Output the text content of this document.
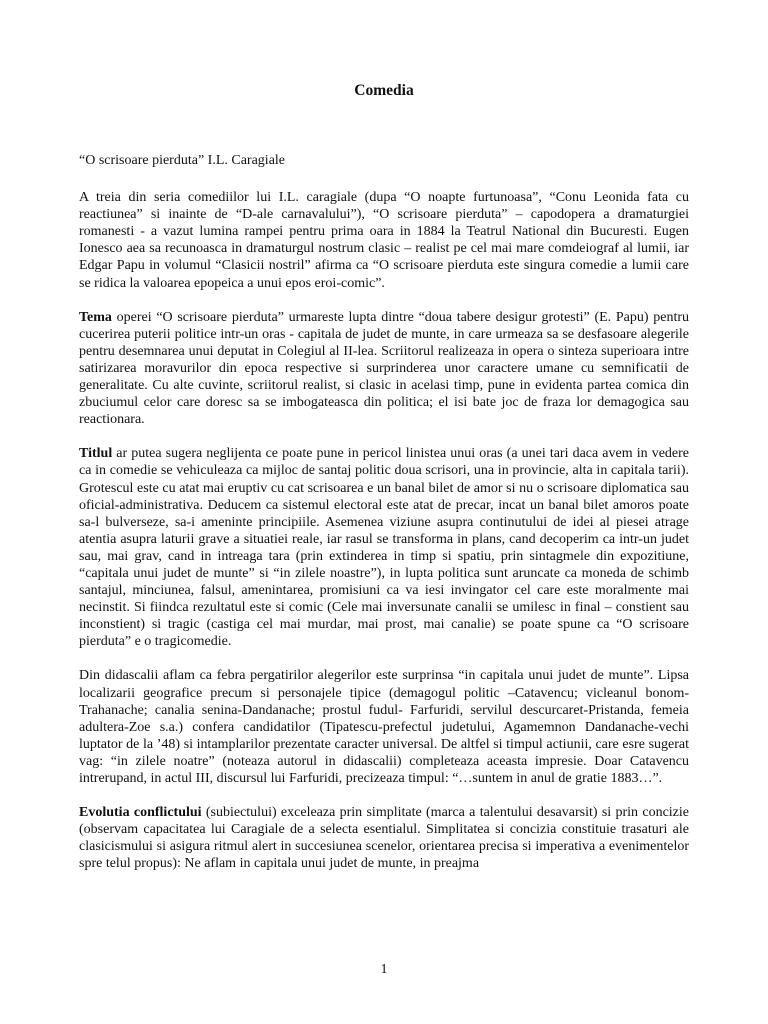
Comedia

“O scrisoare pierduta” I.L. Caragiale

A treia din seria comediilor lui I.L. caragiale (dupa “O noapte furtunoasa”, “Conu Leonida fata cu reactiunea” si inainte de “D-ale carnavalului”), “O scrisoare pierduta” – capodopera a dramaturgiei romanesti - a vazut lumina rampei pentru prima oara in 1884 la Teatrul National din Bucuresti. Eugen Ionesco aea sa recunoasca in dramaturgul nostrum clasic – realist pe cel mai mare comdeiograf al lumii, iar Edgar Papu in volumul “Clasicii nostril” afirma ca “O scrisoare pierduta este singura comedie a lumii care se ridica la valoarea epopeica a unui epos eroi-comic”.

Tema operei “O scrisoare pierduta” urmareste lupta dintre “doua tabere desigur grotesti” (E. Papu) pentru cucerirea puterii politice intr-un oras - capitala de judet de munte, in care urmeaza sa se desfasoare alegerile pentru desemnarea unui deputat in Colegiul al II-lea. Scriitorul realizeaza in opera o sinteza superioara intre satirizarea moravurilor din epoca respective si surprinderea unor caractere umane cu semnificatii de generalitate. Cu alte cuvinte, scriitorul realist, si clasic in acelasi timp, pune in evidenta partea comica din zbuciumul celor care doresc sa se imbogateasca din politica; el isi bate joc de fraza lor demagogica sau reactionara.

Titlul ar putea sugera neglijenta ce poate pune in pericol linistea unui oras (a unei tari daca avem in vedere ca in comedie se vehiculeaza ca mijloc de santaj politic doua scrisori, una in provincie, alta in capitala tarii). Grotescul este cu atat mai eruptiv cu cat scrisoarea e un banal bilet de amor si nu o scrisoare diplomatica sau oficial-administrativa. Deducem ca sistemul electoral este atat de precar, incat un banal bilet amoros poate sa-l bulverseze, sa-i ameninte principiile. Asemenea viziune asupra continutului de idei al piesei atrage atentia asupra laturii grave a situatiei reale, iar rasul se transforma in plans, cand decoperim ca intr-un judet sau, mai grav, cand in intreaga tara (prin extinderea in timp si spatiu, prin sintagmele din expozitiune, “capitala unui judet de munte” si “in zilele noastre”), in lupta politica sunt aruncate ca moneda de schimb santajul, minciunea, falsul, amenintarea, promisiuni ca va iesi invingator cel care este moralmente mai necinstit. Si fiindca rezultatul este si comic (Cele mai inversunate canalii se umilesc in final – constient sau inconstient) si tragic (castiga cel mai murdar, mai prost, mai canalie) se poate spune ca “O scrisoare pierduta” e o tragicomedie.

Din didascalii aflam ca febra pergatirilor alegerilor este surprinsa “in capitala unui judet de munte”. Lipsa localizarii geografice precum si personajele tipice (demagogul politic –Catavencu; vicleanul bonom-Trahanache; canalia senina-Dandanache; prostul fudul- Farfuridi, servilul descurcaret-Pristanda, femeia adultera-Zoe s.a.) confera candidatilor (Tipatescu-prefectul judetului, Agamemnon Dandanache-vechi luptator de la ’48) si intamplarilor prezentate caracter universal. De altfel si timpul actiunii, care esre sugerat vag: “in zilele noatre” (noteaza autorul in didascalii) completeaza aceasta impresie. Doar Catavencu intrerupand, in actul III, discursul lui Farfuridi, precizeaza timpul: “…suntem in anul de gratie 1883…”.

Evolutia conflictului (subiectului) exceleaza prin simplitate (marca a talentului desavarsit) si prin concizie (observam capacitatea lui Caragiale de a selecta esentialul. Simplitatea si concizia constituie trasaturi ale clasicismului si asigura ritmul alert in succesiunea scenelor, orientarea precisa si imperativa a evenimentelor spre telul propus): Ne aflam in capitala unui judet de munte, in preajma

1
